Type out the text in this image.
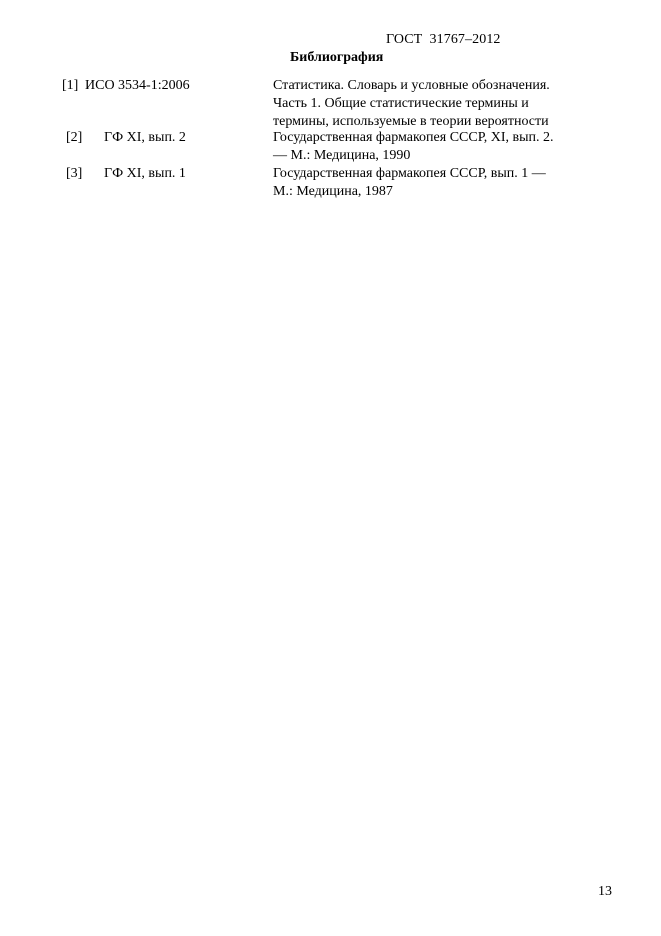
ГОСТ  31767–2012
Библиография
[1] ИСО 3534-1:2006	Статистика. Словарь и условные обозначения.
Часть 1. Общие статистические термины и
термины, используемые в теории вероятности
[2] ГФ XI, вып. 2	Государственная фармакопея СССР, XI, вып. 2.
— М.: Медицина, 1990
[3] ГФ XI, вып. 1	Государственная фармакопея СССР, вып. 1 —
М.: Медицина, 1987
13
